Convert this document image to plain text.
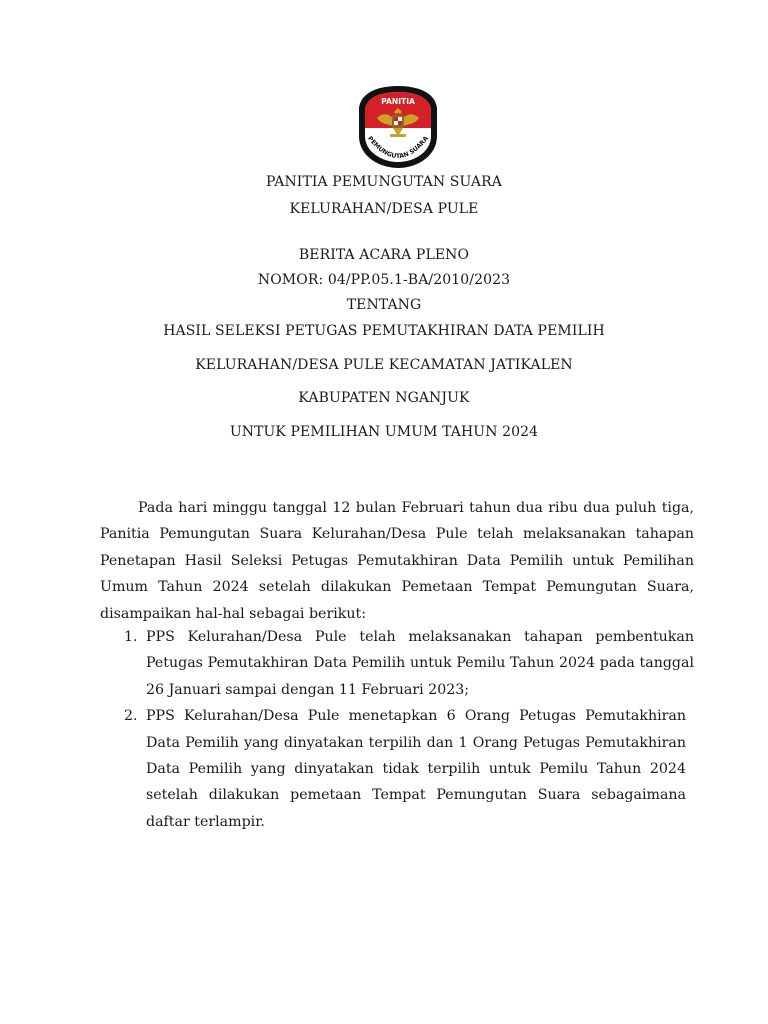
PANITIA
PEMUNGUTAN SUARA
PANITIA PEMUNGUTAN SUARA
KELURAHAN/DESA PULE
BERITA ACARA PLENO
NOMOR: 04/PP.05.1-BA/2010/2023
TENTANG
HASIL SELEKSI PETUGAS PEMUTAKHIRAN DATA PEMILIH
KELURAHAN/DESA PULE KECAMATAN JATIKALEN
KABUPATEN NGANJUK
UNTUK PEMILIHAN UMUM TAHUN 2024

Pada hari minggu tanggal 12 bulan Februari tahun dua ribu dua puluh tiga, Panitia Pemungutan Suara Kelurahan/Desa Pule telah melaksanakan tahapan Penetapan Hasil Seleksi Petugas Pemutakhiran Data Pemilih untuk Pemilihan Umum Tahun 2024 setelah dilakukan Pemetaan Tempat Pemungutan Suara, disampaikan hal-hal sebagai berikut:

1. PPS Kelurahan/Desa Pule telah melaksanakan tahapan pembentukan Petugas Pemutakhiran Data Pemilih untuk Pemilu Tahun 2024 pada tanggal 26 Januari sampai dengan 11 Februari 2023;
2. PPS Kelurahan/Desa Pule menetapkan 6 Orang Petugas Pemutakhiran Data Pemilih yang dinyatakan terpilih dan 1 Orang Petugas Pemutakhiran Data Pemilih yang dinyatakan tidak terpilih untuk Pemilu Tahun 2024 setelah dilakukan pemetaan Tempat Pemungutan Suara sebagaimana daftar terlampir.
